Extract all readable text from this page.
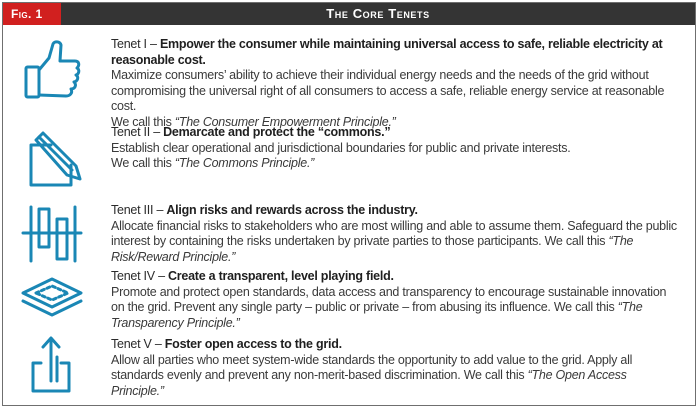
Fig. 1	The Core Tenets

Tenet I – Empower the consumer while maintaining universal access to safe, reliable electricity at reasonable cost.

Maximize consumers’ ability to achieve their individual energy needs and the needs of the grid without compromising the universal right of all consumers to access a safe, reliable energy service at reasonable cost.

We call this “The Consumer Empowerment Principle.”

Tenet II – Demarcate and protect the “commons.”

Establish clear operational and jurisdictional boundaries for public and private interests.

We call this “The Commons Principle.”

Tenet III – Align risks and rewards across the industry.

Allocate financial risks to stakeholders who are most willing and able to assume them. Safeguard the public interest by containing the risks undertaken by private parties to those participants. We call this “The Risk/Reward Principle.”

Tenet IV – Create a transparent, level playing field.

Promote and protect open standards, data access and transparency to encourage sustainable innovation on the grid. Prevent any single party – public or private – from abusing its influence. We call this “The Transparency Principle.”

Tenet V – Foster open access to the grid.

Allow all parties who meet system-wide standards the opportunity to add value to the grid. Apply all standards evenly and prevent any non-merit-based discrimination. We call this “The Open Access Principle.”
